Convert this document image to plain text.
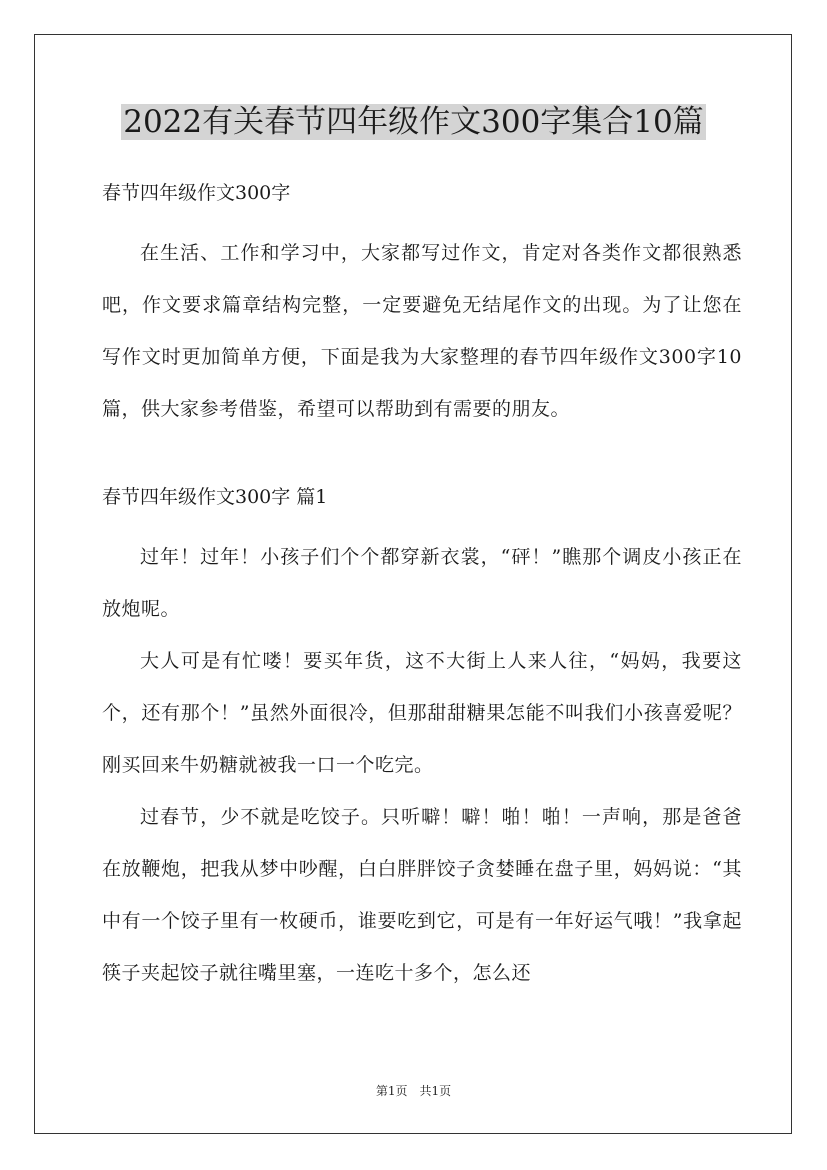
2022有关春节四年级作文300字集合10篇

春节四年级作文300字

在生活、工作和学习中，大家都写过作文，肯定对各类作文都很熟悉吧，作文要求篇章结构完整，一定要避免无结尾作文的出现。为了让您在写作文时更加简单方便，下面是我为大家整理的春节四年级作文300字10篇，供大家参考借鉴，希望可以帮助到有需要的朋友。

春节四年级作文300字 篇1

过年！过年！小孩子们个个都穿新衣裳，“砰！”瞧那个调皮小孩正在放炮呢。

大人可是有忙喽！要买年货，这不大街上人来人往，“妈妈，我要这个，还有那个！”虽然外面很冷，但那甜甜糖果怎能不叫我们小孩喜爱呢？刚买回来牛奶糖就被我一口一个吃完。

过春节，少不就是吃饺子。只听噼！噼！啪！啪！一声响，那是爸爸在放鞭炮，把我从梦中吵醒，白白胖胖饺子贪婪睡在盘子里，妈妈说：“其中有一个饺子里有一枚硬币，谁要吃到它，可是有一年好运气哦！”我拿起筷子夹起饺子就往嘴里塞，一连吃十多个，怎么还

第1页 共1页
